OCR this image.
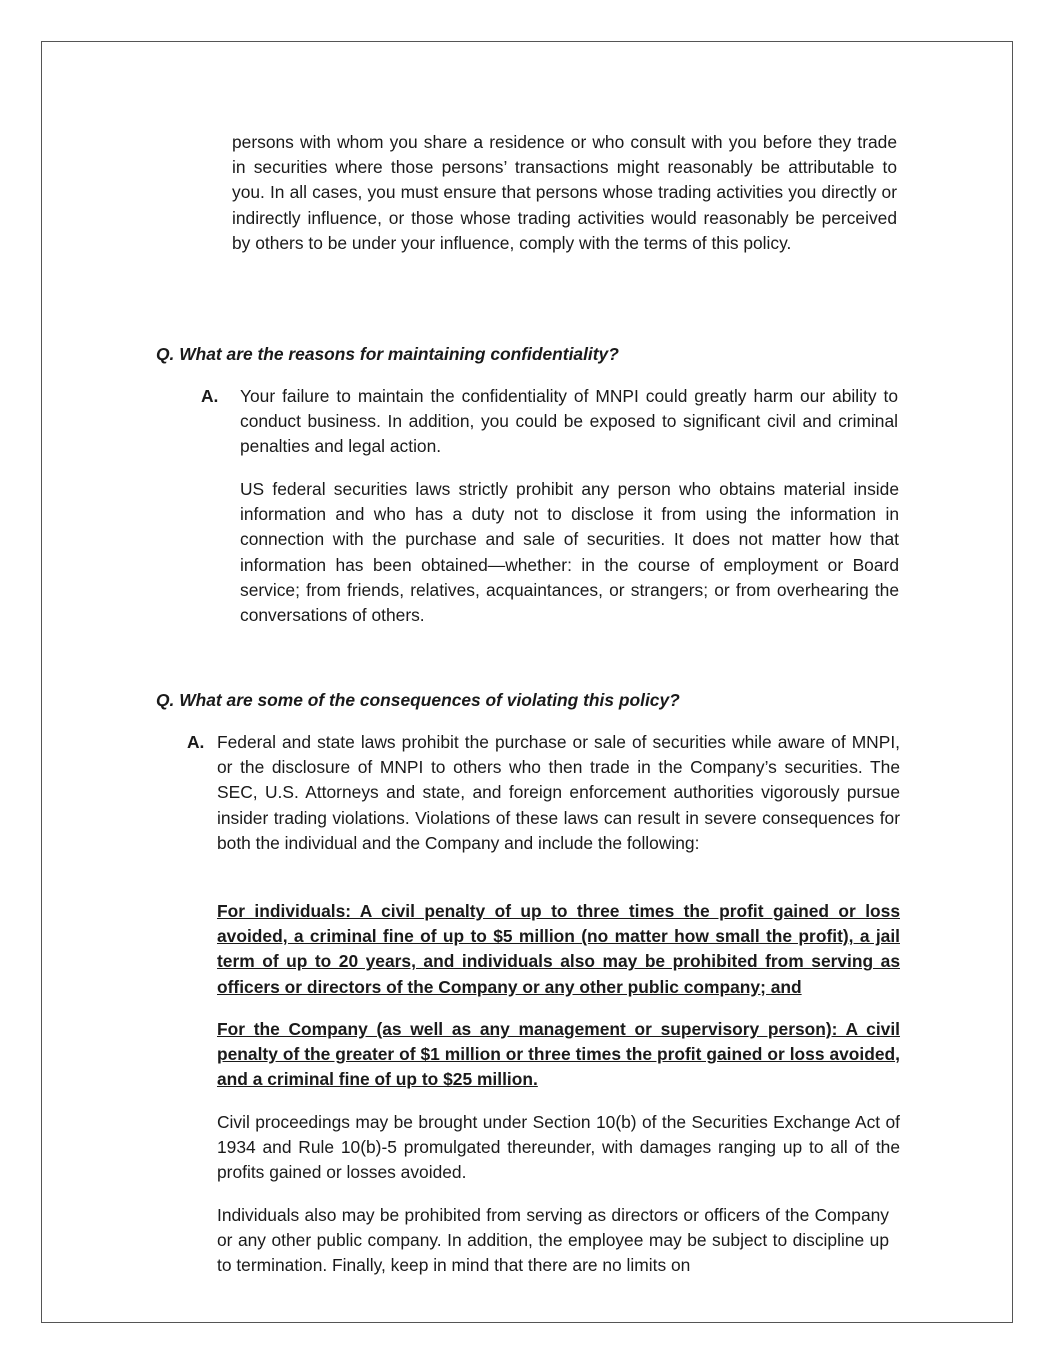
persons with whom you share a residence or who consult with you before they trade in securities where those persons’ transactions might reasonably be attributable to you. In all cases, you must ensure that persons whose trading activities you directly or indirectly influence, or those whose trading activities would reasonably be perceived by others to be under your influence, comply with the terms of this policy.

Q. What are the reasons for maintaining confidentiality?

A. Your failure to maintain the confidentiality of MNPI could greatly harm our ability to conduct business. In addition, you could be exposed to significant civil and criminal penalties and legal action.

US federal securities laws strictly prohibit any person who obtains material inside information and who has a duty not to disclose it from using the information in connection with the purchase and sale of securities. It does not matter how that information has been obtained—whether: in the course of employment or Board service; from friends, relatives, acquaintances, or strangers; or from overhearing the conversations of others.

Q. What are some of the consequences of violating this policy?

A. Federal and state laws prohibit the purchase or sale of securities while aware of MNPI, or the disclosure of MNPI to others who then trade in the Company’s securities. The SEC, U.S. Attorneys and state, and foreign enforcement authorities vigorously pursue insider trading violations. Violations of these laws can result in severe consequences for both the individual and the Company and include the following:

For individuals: A civil penalty of up to three times the profit gained or loss avoided, a criminal fine of up to $5 million (no matter how small the profit), a jail term of up to 20 years, and individuals also may be prohibited from serving as officers or directors of the Company or any other public company; and

For the Company (as well as any management or supervisory person): A civil penalty of the greater of $1 million or three times the profit gained or loss avoided, and a criminal fine of up to $25 million.

Civil proceedings may be brought under Section 10(b) of the Securities Exchange Act of 1934 and Rule 10(b)-5 promulgated thereunder, with damages ranging up to all of the profits gained or losses avoided.

Individuals also may be prohibited from serving as directors or officers of the Company or any other public company. In addition, the employee may be subject to discipline up to termination. Finally, keep in mind that there are no limits on
